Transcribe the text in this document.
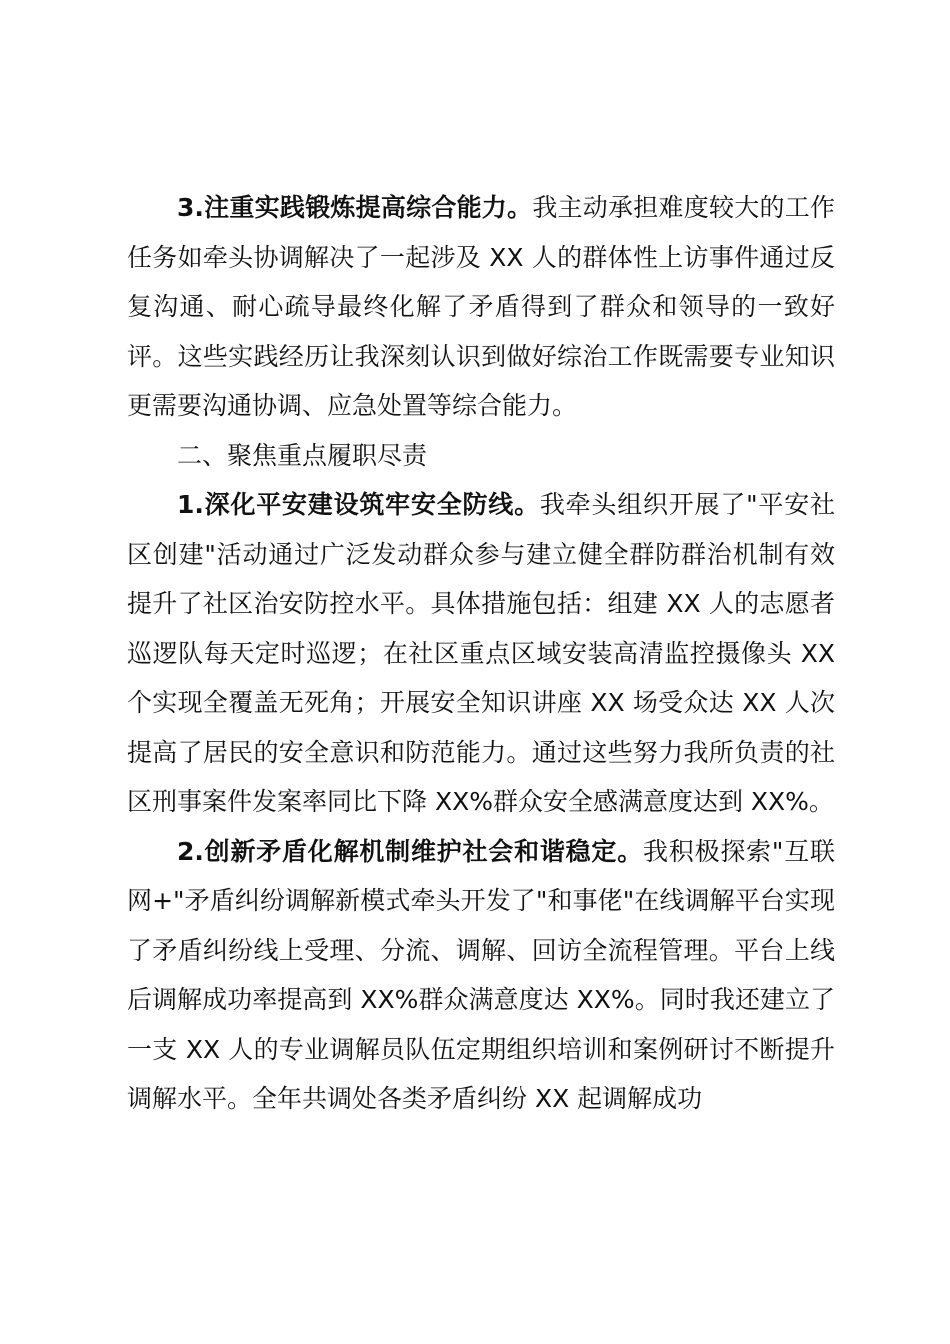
3.注重实践锻炼提高综合能力。我主动承担难度较大的工作任务如牵头协调解决了一起涉及 XX 人的群体性上访事件通过反复沟通、耐心疏导最终化解了矛盾得到了群众和领导的一致好评。这些实践经历让我深刻认识到做好综治工作既需要专业知识更需要沟通协调、应急处置等综合能力。

二、聚焦重点履职尽责

1.深化平安建设筑牢安全防线。我牵头组织开展了"平安社区创建"活动通过广泛发动群众参与建立健全群防群治机制有效提升了社区治安防控水平。具体措施包括：组建 XX 人的志愿者巡逻队每天定时巡逻；在社区重点区域安装高清监控摄像头 XX 个实现全覆盖无死角；开展安全知识讲座 XX 场受众达 XX 人次提高了居民的安全意识和防范能力。通过这些努力我所负责的社区刑事案件发案率同比下降 XX%群众安全感满意度达到 XX%。

2.创新矛盾化解机制维护社会和谐稳定。我积极探索"互联网+"矛盾纠纷调解新模式牵头开发了"和事佬"在线调解平台实现了矛盾纠纷线上受理、分流、调解、回访全流程管理。平台上线后调解成功率提高到 XX%群众满意度达 XX%。同时我还建立了一支 XX 人的专业调解员队伍定期组织培训和案例研讨不断提升调解水平。全年共调处各类矛盾纠纷 XX 起调解成功
